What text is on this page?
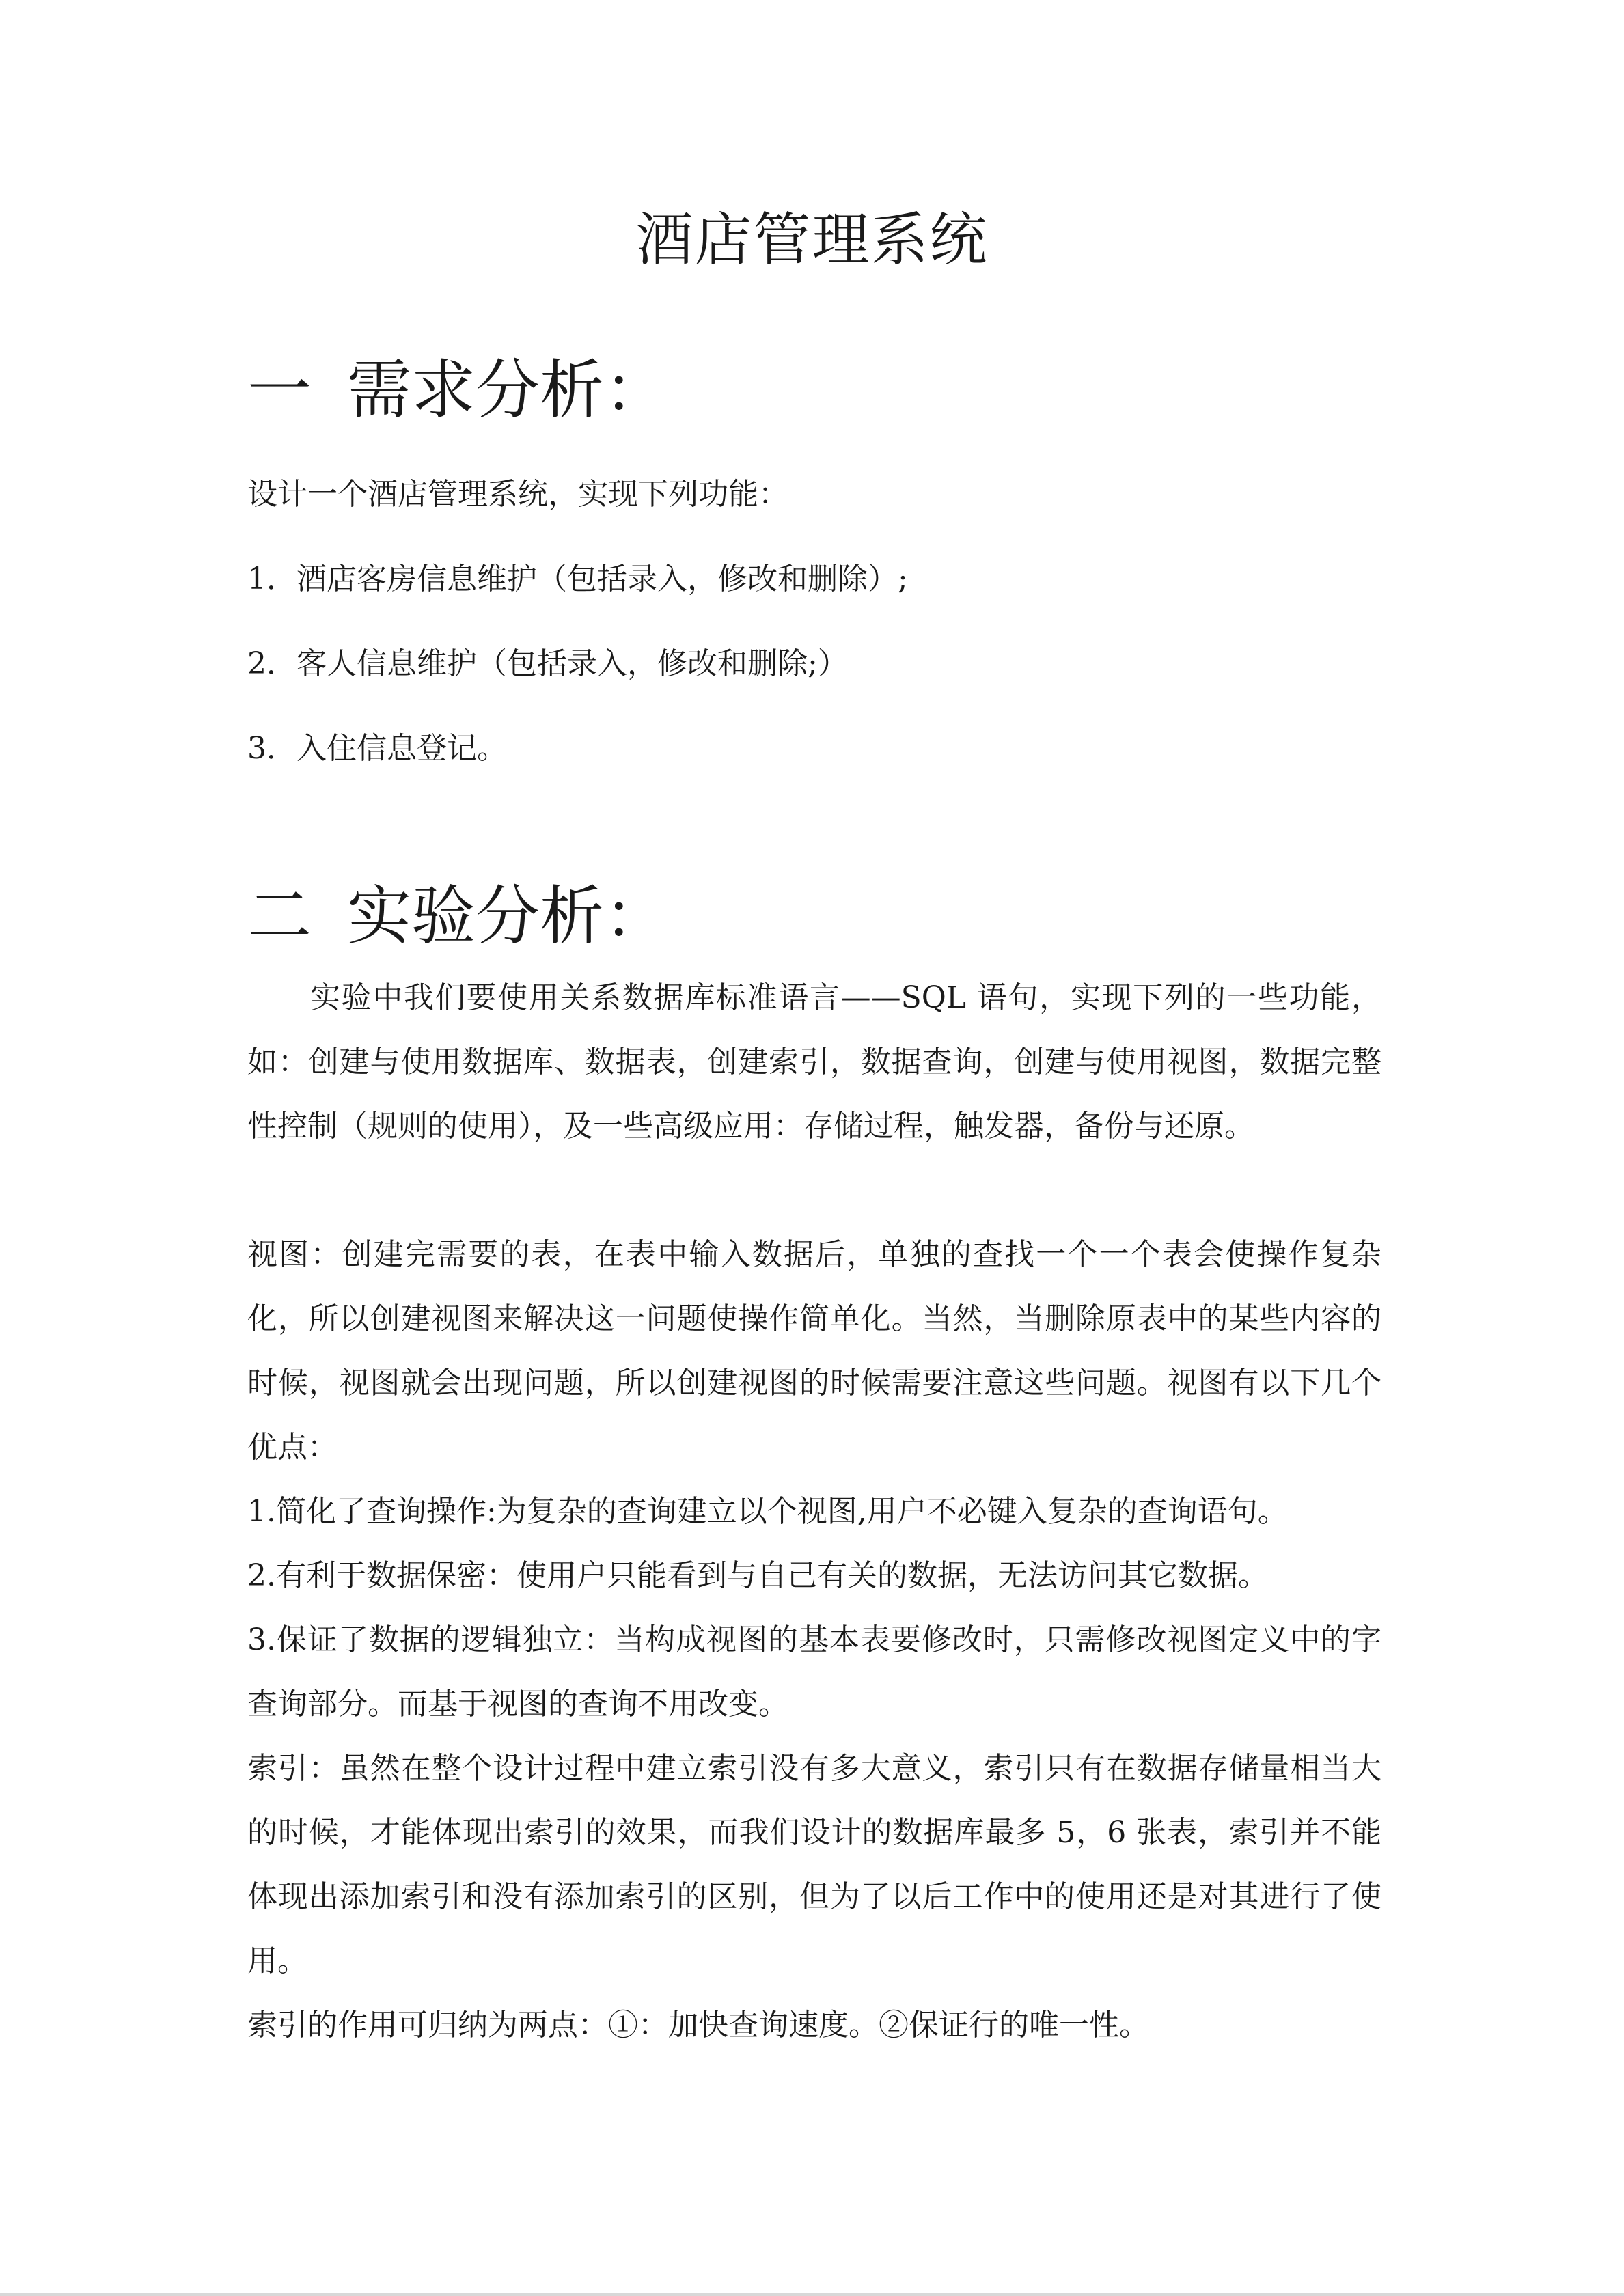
酒店管理系统
一 需求分析：

设计一个酒店管理系统，实现下列功能：

1．酒店客房信息维护（包括录入，修改和删除）;

2．客人信息维护（包括录入，修改和删除;）

3．入住信息登记。

二 实验分析：

实验中我们要使用关系数据库标准语言——SQL 语句，实现下列的一些功能，如：创建与使用数据库、数据表，创建索引，数据查询，创建与使用视图，数据完整性控制（规则的使用），及一些高级应用：存储过程，触发器，备份与还原。

视图：创建完需要的表，在表中输入数据后，单独的查找一个一个表会使操作复杂化，所以创建视图来解决这一问题使操作简单化。当然，当删除原表中的某些内容的时候，视图就会出现问题，所以创建视图的时候需要注意这些问题。视图有以下几个优点：

1.简化了查询操作:为复杂的查询建立以个视图,用户不必键入复杂的查询语句。

2.有利于数据保密：使用户只能看到与自己有关的数据，无法访问其它数据。

3.保证了数据的逻辑独立：当构成视图的基本表要修改时，只需修改视图定义中的字查询部分。而基于视图的查询不用改变。

索引：虽然在整个设计过程中建立索引没有多大意义，索引只有在数据存储量相当大的时候，才能体现出索引的效果，而我们设计的数据库最多 5，6 张表，索引并不能体现出添加索引和没有添加索引的区别，但为了以后工作中的使用还是对其进行了使用。

索引的作用可归纳为两点：①：加快查询速度。②保证行的唯一性。
